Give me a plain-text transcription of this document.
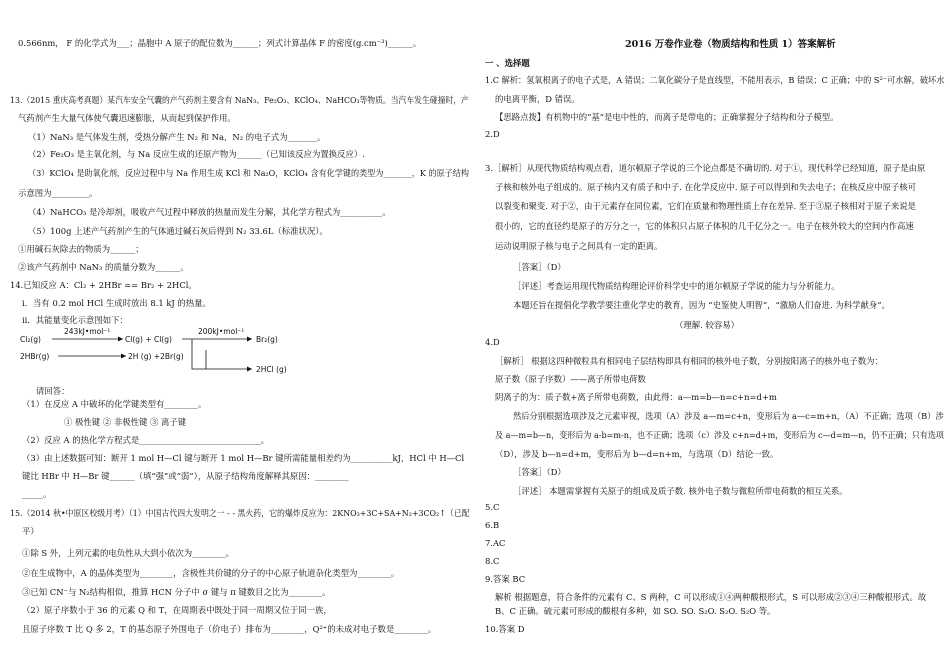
0.566nm， F 的化学式为___；晶胞中 A 原子的配位数为______；列式计算晶体 F 的密度(g.cm⁻³)______。
13.（2015 重庆高考真题）某汽车安全气囊的产气药剂主要含有 NaN₃、Fe₂O₃、KClO₄、NaHCO₃等物质。当汽车发生碰撞时，产
气药剂产生大量气体使气囊迅速膨胀，从而起到保护作用。
（1）NaN₃ 是气体发生剂，受热分解产生 N₂ 和 Na，N₂ 的电子式为_______。
（2）Fe₂O₃ 是主氧化剂，与 Na 反应生成的还原产物为______（已知该反应为置换反应）.
（3）KClO₄ 是助氧化剂，反应过程中与 Na 作用生成 KCl 和 Na₂O，KClO₄ 含有化学键的类型为_______，K 的原子结构
示意图为_________。
（4）NaHCO₃ 是冷却剂，吸收产气过程中释放的热量而发生分解，其化学方程式为__________。
（5）100g 上述产气药剂产生的气体通过碱石灰后得到 N₂ 33.6L（标准状况）。
①用碱石灰除去的物质为______；
②该产气药剂中 NaN₃ 的质量分数为______。
14.已知反应 A：Cl₂ + 2HBr == Br₂ + 2HCl。
i．当有 0.2 mol HCl 生成时放出 8.1 kJ 的热量。
ii．其能量变化示意图如下：
Cl₂(g)
243kJ•mol⁻¹
Cl(g) + Cl(g)
200kJ•mol⁻¹
Br₂(g)
2HBr(g)	2H (g) +2Br(g)
2HCl (g)
请回答：
（1）在反应 A 中破坏的化学键类型有________。
① 极性键 ② 非极性键 ③ 离子键
（2）反应 A 的热化学方程式是_____________________________。
（3）由上述数据可知：断开 1 mol H—Cl 键与断开 1 mol H—Br 键所需能量相差约为__________kJ，HCl 中 H—Cl
键比 HBr 中 H—Br 键______（填“强”或“弱”），从原子结构角度解释其原因：________
_____。
15.（2014 秋•中原区校级月考）（1）中国古代四大发明之一 - - 黑火药，它的爆炸反应为：2KNO₃+3C+SA+N₂+3CO₂↑（已配
平）
①除 S 外，上列元素的电负性从大到小依次为________。
②在生成物中，A 的晶体类型为________，含极性共价键的分子的中心原子轨道杂化类型为________。
③已知 CN⁻与 N₂结构相似，推算 HCN 分子中 σ 键与 π 键数目之比为________。
（2）原子序数小于 36 的元素 Q 和 T，在周期表中既处于同一周期又位于同一族，
且原子序数 T 比 Q 多 2，T 的基态原子外围电子（价电子）排布为________，Q²⁺的未成对电子数是________。
2016 万卷作业卷（物质结构和性质 1）答案解析
一 、选择题
1.C 解析：氢氧根离子的电子式是，A 错误；二氧化碳分子是直线型，不能用表示，B 错误；C 正确；中的 S²⁻可水解，破坏水
的电离平衡，D 错误。
【思路点拨】有机物中的“基”是电中性的，而离子是带电的；正确掌握分子结构和分子模型。
2.D
3.［解析］从现代物质结构观点看，道尔顿原子学说的三个论点都是不确切的. 对于①，现代科学已经知道，原子是由原
子核和核外电子组成的。原子核内又有质子和中子. 在化学反应中. 原子可以得到和失去电子；在核反应中原子核可
以裂变和聚变. 对于②，由于元素存在同位素，它们在质量和物理性质上存在差异. 至于③原子核相对于原子来说是
很小的，它的直径约是原子的万分之一，它的体积只占原子体积的几千亿分之一。电子在核外较大的空间内作高速
运动说明原子核与电子之间具有一定的距离。
［答案］（D）
［评述］考查运用现代物质结构理论评价科学史中的道尔顿原子学说的能力与分析能力。
本题还旨在提倡化学教学要注重化学史的教育，因为 “史鉴使人明智”，“激励人们奋进. 为科学献身”。
（理解. 较容易）
4.D
［解析］ 根据这四种微粒具有相同电子层结构即具有相同的核外电子数，分别按阳离子的核外电子数为：
原子数（原子序数）——离子所带电荷数
阴离子的为：质子数+离子所带电荷数，由此得：a—m=b—n=c+n=d+m
然后分别根据选项涉及之元素审视，选项（A）涉及 a—m=c+n，变形后为 a—c=m+n，（A）不正确；选项（B）涉
及 a—m=b—n，变形后为 a-b=m-n，也不正确；选项（c）涉及 c+n=d+m，变形后为 c—d=m—n，仍不正确；只有选项
（D），涉及 b—n=d+m，变形后为 b—d=n+m，与选项（D）结论一致。
［答案］（D）
［评述］ 本题需掌握有关原子的组成及质子数. 核外电子数与微粒所带电荷数的相互关系。
5.C
6.B
7.AC
8.C
9.答案 BC
解析 根据题意，符合条件的元素有 C、S 两种，C 可以形成①④两种酸根形式，S 可以形成②③④三种酸根形式。故
B、C 正确。硫元素可形成的酸根有多种，如 SO. SO. S₂O. S₂O. S₂O 等。
10.答案 D
